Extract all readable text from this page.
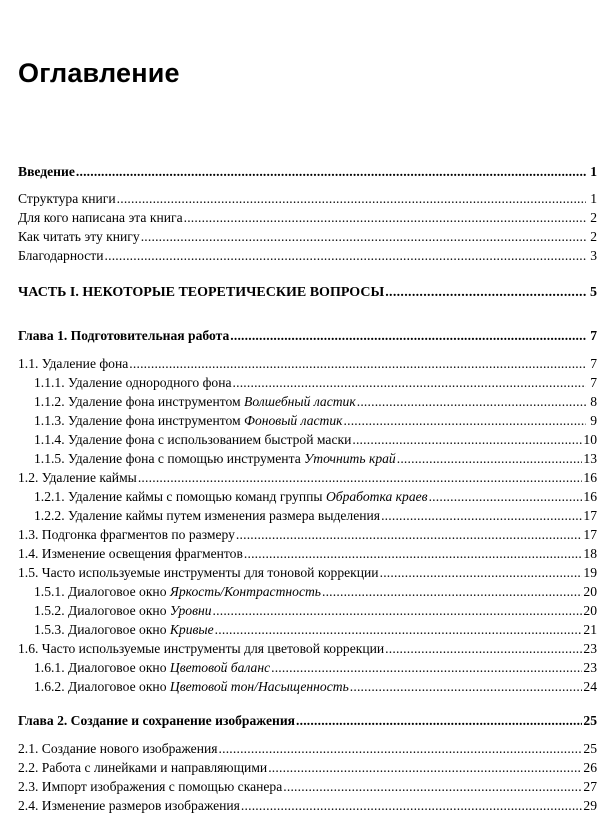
Оглавление
Введение . . .	1
Структура книги . . .	1
Для кого написана эта книга . . .	2
Как читать эту книгу . . .	2
Благодарности . . .	3
ЧАСТЬ I. НЕКОТОРЫЕ ТЕОРЕТИЧЕСКИЕ ВОПРОСЫ . . .	5
Глава 1. Подготовительная работа . . .	7
1.1. Удаление фона . . .	7
1.1.1. Удаление однородного фона . . .	7
1.1.2. Удаление фона инструментом Волшебный ластик . . .	8
1.1.3. Удаление фона инструментом Фоновый ластик . . .	9
1.1.4. Удаление фона с использованием быстрой маски . . .	10
1.1.5. Удаление фона с помощью инструмента Уточнить край . . .	13
1.2. Удаление каймы . . .	16
1.2.1. Удаление каймы с помощью команд группы Обработка краев . . .	16
1.2.2. Удаление каймы путем изменения размера выделения . . .	17
1.3. Подгонка фрагментов по размеру . . .	17
1.4. Изменение освещения фрагментов . . .	18
1.5. Часто используемые инструменты для тоновой коррекции . . .	19
1.5.1. Диалоговое окно Яркость/Контрастность . . .	20
1.5.2. Диалоговое окно Уровни . . .	20
1.5.3. Диалоговое окно Кривые . . .	21
1.6. Часто используемые инструменты для цветовой коррекции . . .	23
1.6.1. Диалоговое окно Цветовой баланс . . .	23
1.6.2. Диалоговое окно Цветовой тон/Насыщенность . . .	24
Глава 2. Создание и сохранение изображения . . .	25
2.1. Создание нового изображения . . .	25
2.2. Работа с линейками и направляющими . . .	26
2.3. Импорт изображения с помощью сканера . . .	27
2.4. Изменение размеров изображения . . .	29
